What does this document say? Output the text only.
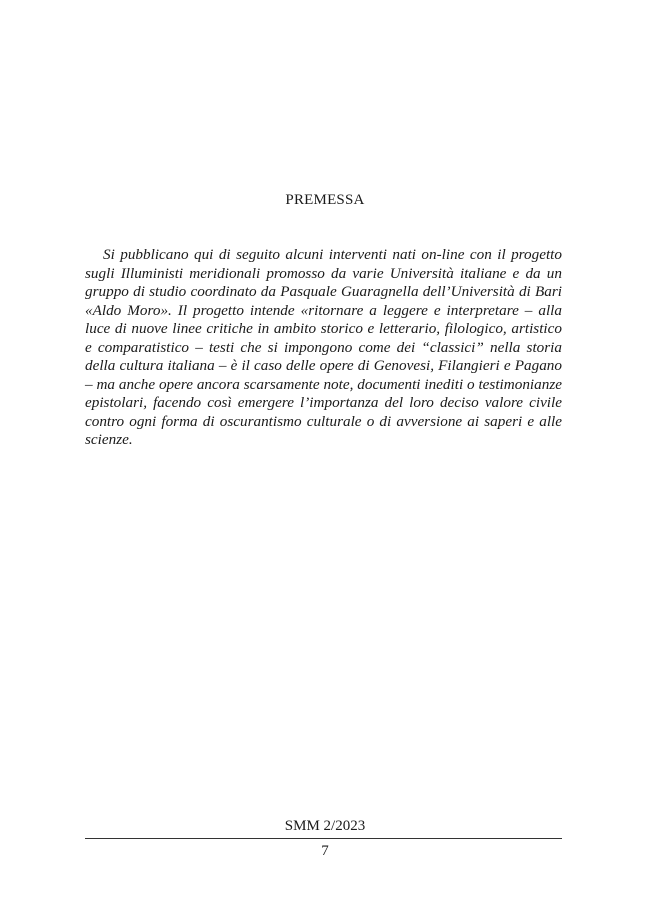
PREMESSA

Si pubblicano qui di seguito alcuni interventi nati on-line con il progetto sugli Illuministi meridionali promosso da varie Università italiane e da un gruppo di studio coordinato da Pasquale Guaragnella dell’Università di Bari «Aldo Moro». Il progetto intende «ritornare a leggere e interpretare – alla luce di nuove linee critiche in ambito storico e letterario, filologico, artistico e comparatistico – testi che si impongono come dei “classici” nella storia della cultura italiana – è il caso delle opere di Genovesi, Filangieri e Pagano – ma anche opere ancora scarsamente note, documenti inediti o testimonianze epistolari, facendo così emergere l’importanza del loro deciso valore civile contro ogni forma di oscurantismo culturale o di avversione ai saperi e alle scienze.

SMM 2/2023
7
